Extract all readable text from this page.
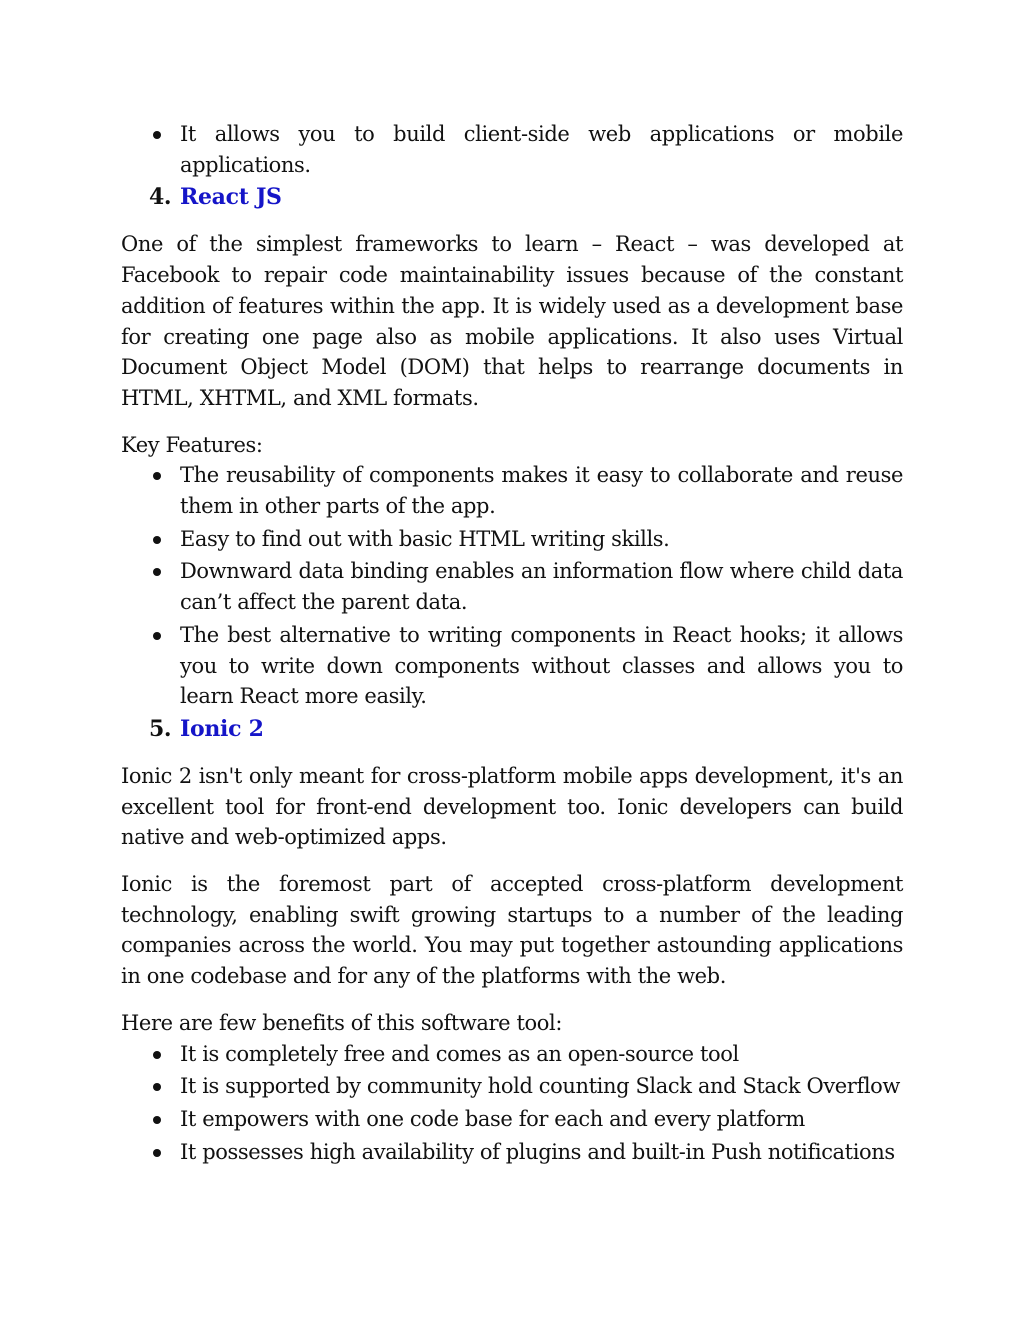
It allows you to build client-side web applications or mobile applications.
4. React JS

One of the simplest frameworks to learn – React – was developed at Facebook to repair code maintainability issues because of the constant addition of features within the app. It is widely used as a development base for creating one page also as mobile applications. It also uses Virtual Document Object Model (DOM) that helps to rearrange documents in HTML, XHTML, and XML formats.

Key Features:

The reusability of components makes it easy to collaborate and reuse them in other parts of the app.
Easy to find out with basic HTML writing skills.
Downward data binding enables an information flow where child data can’t affect the parent data.
The best alternative to writing components in React hooks; it allows you to write down components without classes and allows you to learn React more easily.
5. Ionic 2

Ionic 2 isn't only meant for cross-platform mobile apps development, it's an excellent tool for front-end development too. Ionic developers can build native and web-optimized apps.

Ionic is the foremost part of accepted cross-platform development technology, enabling swift growing startups to a number of the leading companies across the world. You may put together astounding applications in one codebase and for any of the platforms with the web.

Here are few benefits of this software tool:

It is completely free and comes as an open-source tool
It is supported by community hold counting Slack and Stack Overflow
It empowers with one code base for each and every platform
It possesses high availability of plugins and built-in Push notifications
